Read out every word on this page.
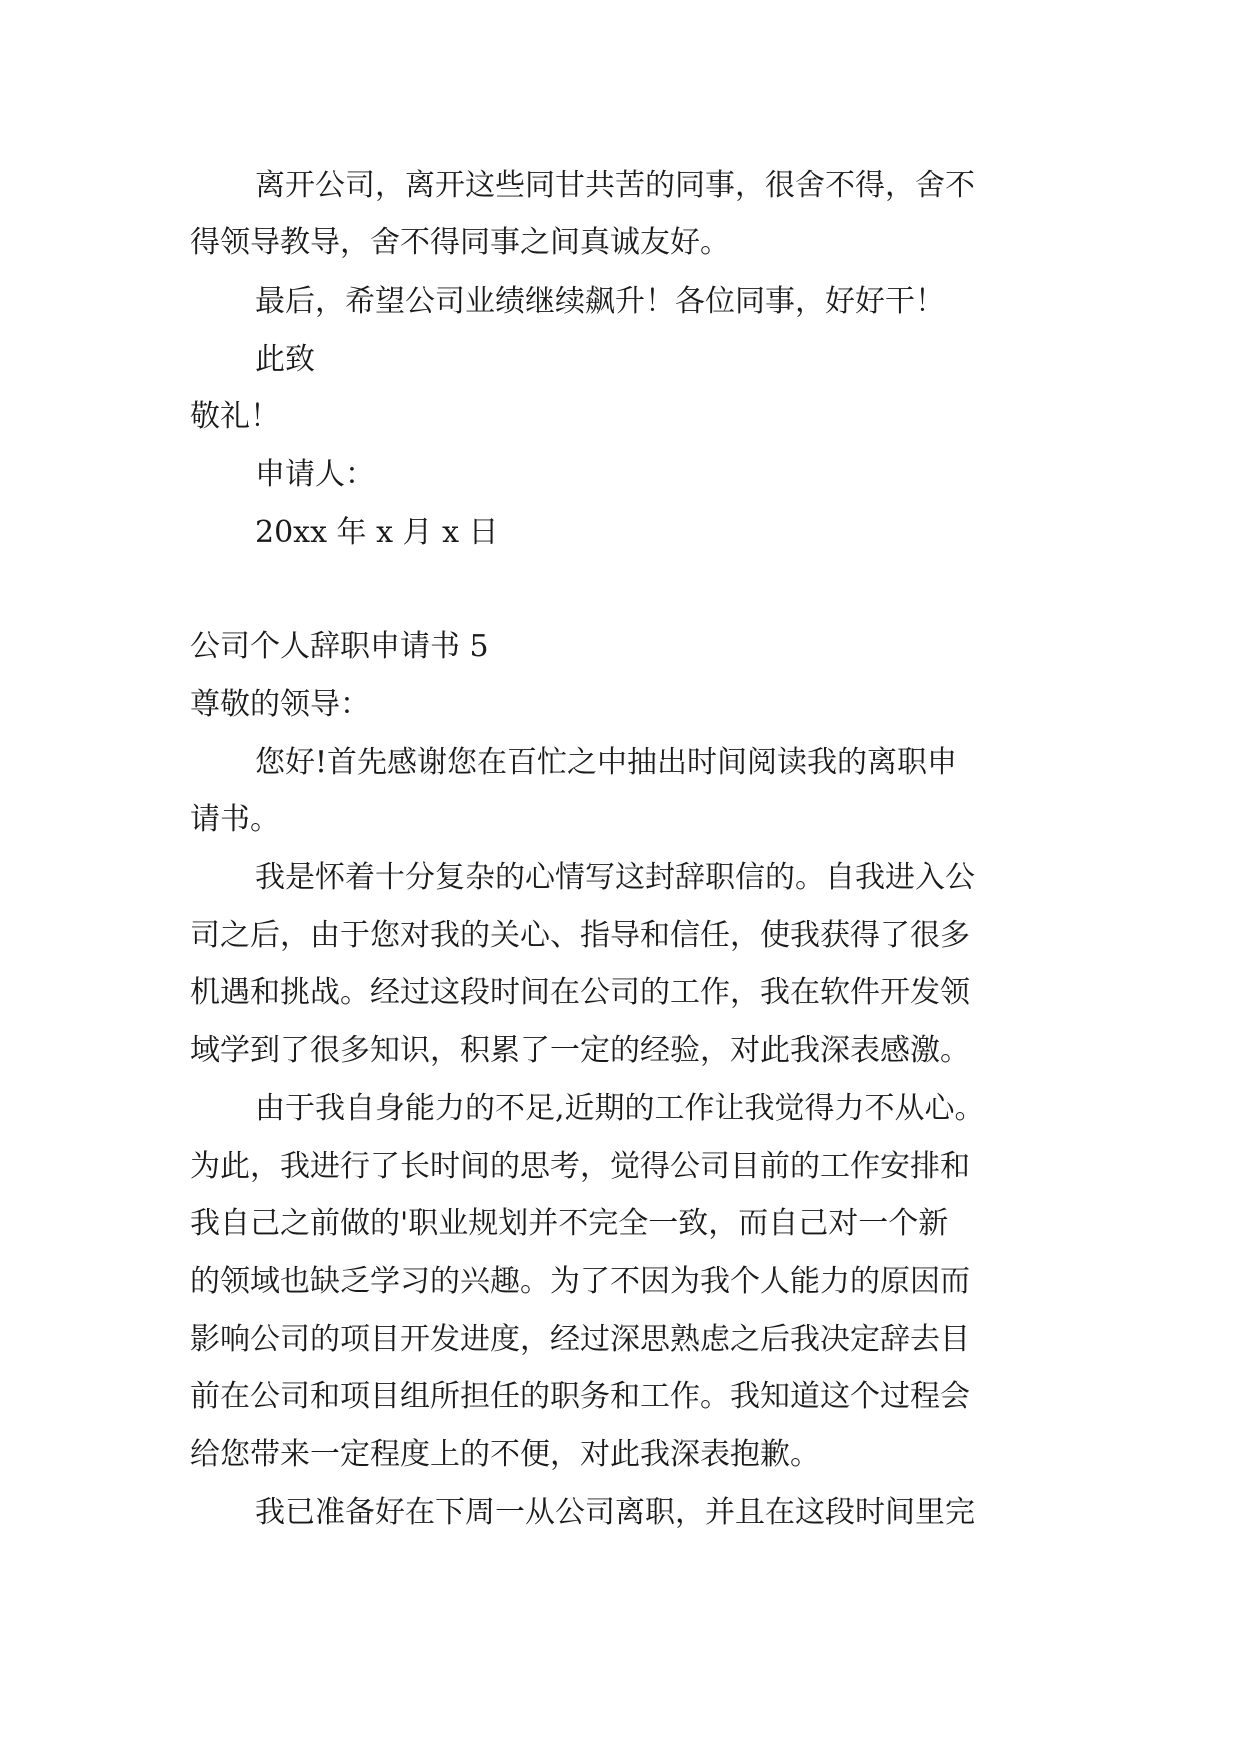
离开公司，离开这些同甘共苦的同事，很舍不得，舍不
得领导教导，舍不得同事之间真诚友好。
最后，希望公司业绩继续飙升！各位同事，好好干！
此致
敬礼！
申请人：
20xx 年 x 月 x 日
公司个人辞职申请书 5
尊敬的领导：
您好!首先感谢您在百忙之中抽出时间阅读我的离职申
请书。
我是怀着十分复杂的心情写这封辞职信的。自我进入公
司之后，由于您对我的关心、指导和信任，使我获得了很多
机遇和挑战。经过这段时间在公司的工作，我在软件开发领
域学到了很多知识，积累了一定的经验，对此我深表感激。
由于我自身能力的不足,近期的工作让我觉得力不从心。
为此，我进行了长时间的思考，觉得公司目前的工作安排和
我自己之前做的'职业规划并不完全一致，而自己对一个新
的领域也缺乏学习的兴趣。为了不因为我个人能力的原因而
影响公司的项目开发进度，经过深思熟虑之后我决定辞去目
前在公司和项目组所担任的职务和工作。我知道这个过程会
给您带来一定程度上的不便，对此我深表抱歉。
我已准备好在下周一从公司离职，并且在这段时间里完
